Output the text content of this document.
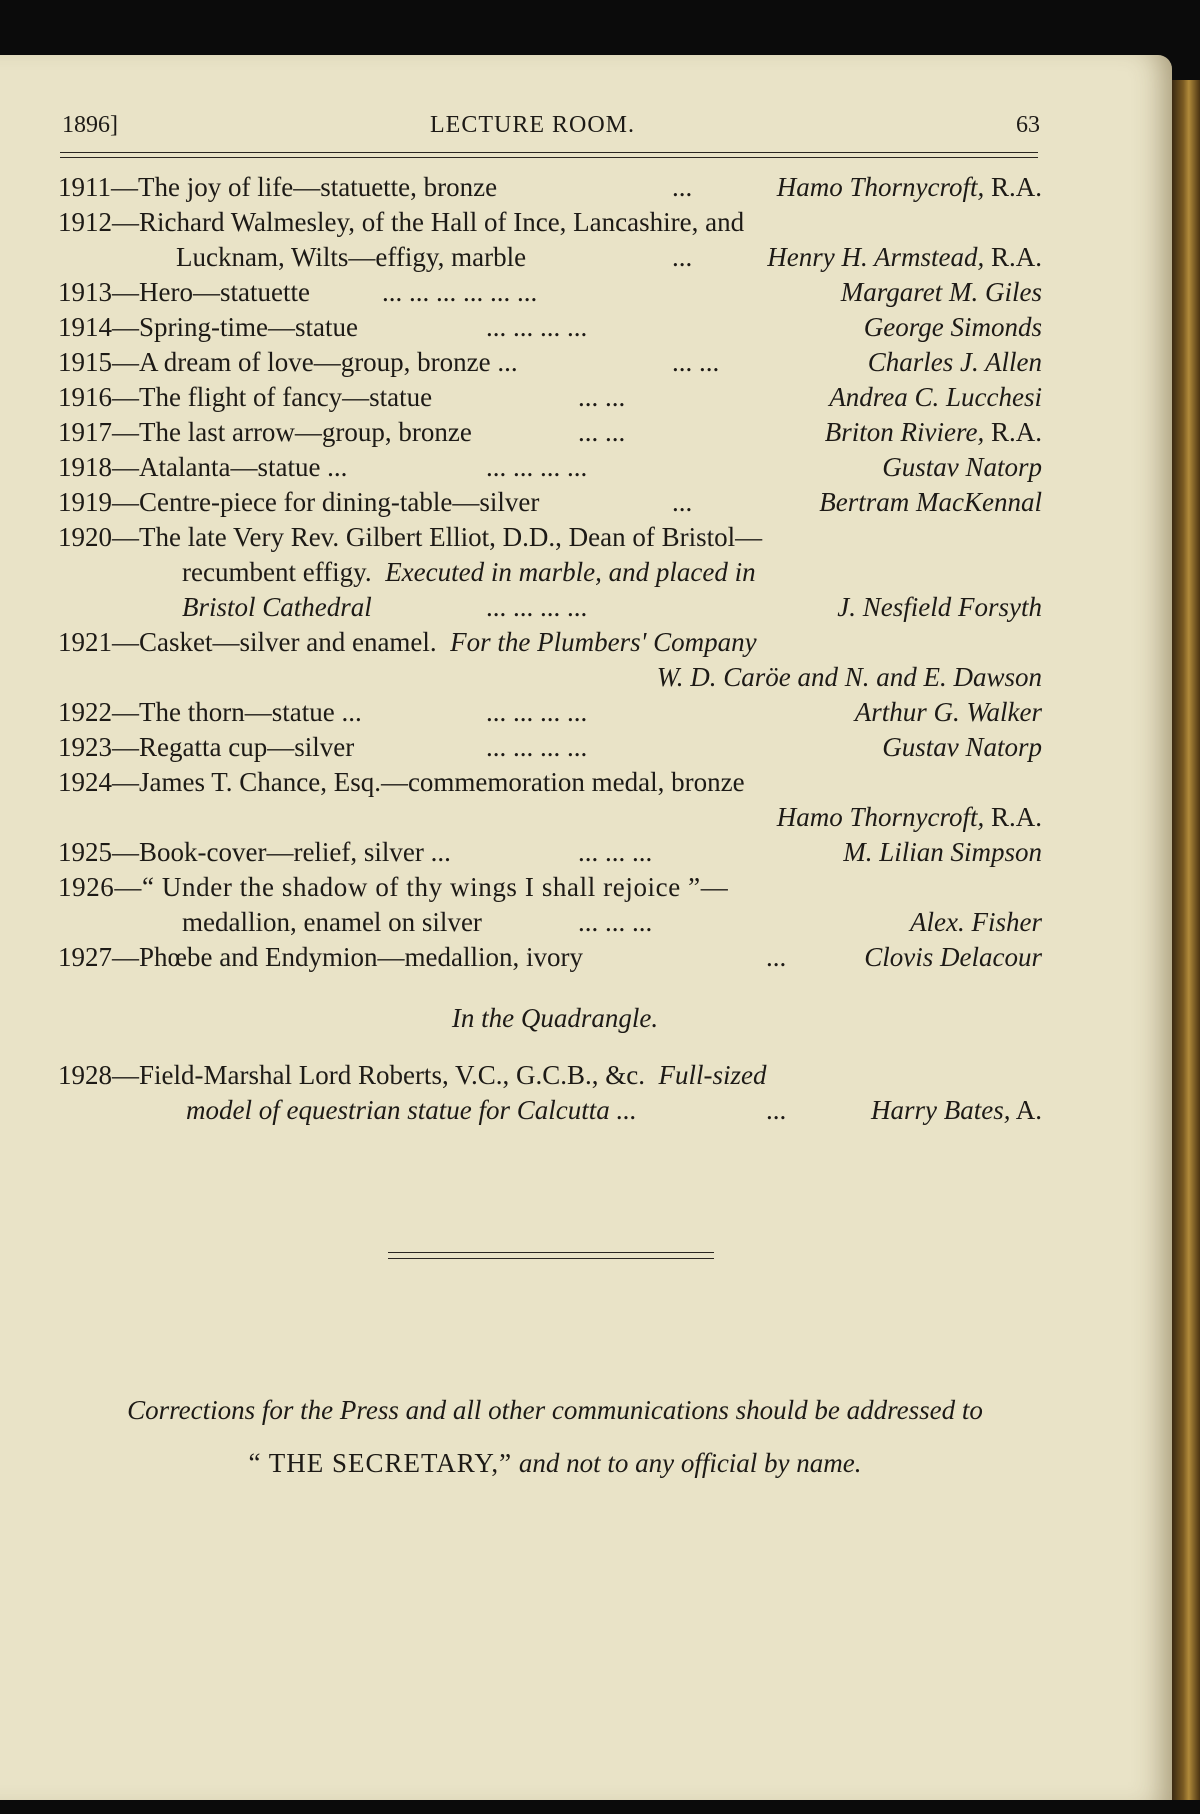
1896]	LECTURE ROOM.	63
1911—The joy of life—statuette, bronze	...	Hamo Thornycroft, R.A.
1912—Richard Walmesley, of the Hall of Ince, Lancashire, and
Lucknam, Wilts—effigy, marble	...	Henry H. Armstead, R.A.
1913—Hero—statuette	... ... ... ... ... ...	Margaret M. Giles
1914—Spring-time—statue	... ... ... ...	George Simonds
1915—A dream of love—group, bronze ...	... ...	Charles J. Allen
1916—The flight of fancy—statue	... ...	Andrea C. Lucchesi
1917—The last arrow—group, bronze	... ...	Briton Riviere, R.A.
1918—Atalanta—statue ...	... ... ... ...	Gustav Natorp
1919—Centre-piece for dining-table—silver	...	Bertram MacKennal
1920—The late Very Rev. Gilbert Elliot, D.D., Dean of Bristol—
recumbent effigy. Executed in marble, and placed in
Bristol Cathedral	... ... ... ...	J. Nesfield Forsyth
1921—Casket—silver and enamel. For the Plumbers' Company
W. D. Caröe and N. and E. Dawson
1922—The thorn—statue ...	... ... ... ...	Arthur G. Walker
1923—Regatta cup—silver	... ... ... ...	Gustav Natorp
1924—James T. Chance, Esq.—commemoration medal, bronze
Hamo Thornycroft, R.A.
1925—Book-cover—relief, silver ...	... ... ...	M. Lilian Simpson
1926—“ Under the shadow of thy wings I shall rejoice ”—
medallion, enamel on silver	... ... ...	Alex. Fisher
1927—Phœbe and Endymion—medallion, ivory	...	Clovis Delacour
In the Quadrangle.
1928—Field-Marshal Lord Roberts, V.C., G.C.B., &c. Full-sized
model of equestrian statue for Calcutta ...	...	Harry Bates, A.
Corrections for the Press and all other communications should be addressed to
“ THE SECRETARY,” and not to any official by name.
